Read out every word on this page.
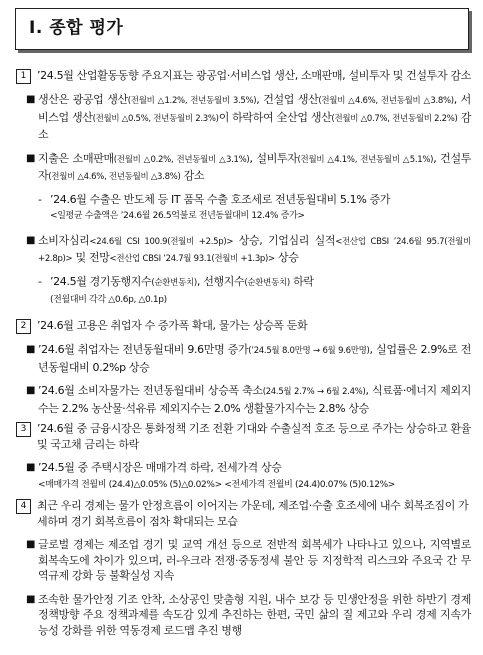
Ⅰ. 종합 평가
1 ’24.5월 산업활동동향 주요지표는 광공업·서비스업 생산, 소매판매, 설비투자 및 건설투자 감소
■ 생산은 광공업 생산(전월비 △1.2%, 전년동월비 3.5%), 건설업 생산(전월비 △4.6%, 전년동월비 △3.8%), 서비스업 생산(전월비 △0.5%, 전년동월비 2.3%)이 하락하여 全산업 생산(전월비 △0.7%, 전년동월비 2.2%) 감소
■ 지출은 소매판매(전월비 △0.2%, 전년동월비 △3.1%), 설비투자(전월비 △4.1%, 전년동월비 △5.1%), 건설투자(전월비 △4.6%, 전년동월비 △3.8%) 감소
- ’24.6월 수출은 반도체 등 IT 품목 수출 호조세로 전년동월대비 5.1% 증가
<일평균 수출액은 ’24.6월 26.5억불로 전년동월대비 12.4% 증가>
■ 소비자심리<24.6월 CSI 100.9(전월비 +2.5p)> 상승, 기업심리 실적<전산업 CBSI ’24.6월 95.7(전월비 +2.8p)> 및 전망<전산업 CBSI ’24.7월 93.1(전월비 +1.3p)> 상승
- ’24.5월 경기동행지수(순환변동치), 선행지수(순환변동치) 하락
(전월대비 각각 △0.6p, △0.1p)
2 ’24.6월 고용은 취업자 수 증가폭 확대, 물가는 상승폭 둔화
■ ’24.6월 취업자는 전년동월대비 9.6만명 증가(’24.5월 8.0만명 → 6월 9.6만명), 실업률은 2.9%로 전년동월대비 0.2%p 상승
■ ’24.6월 소비자물가는 전년동월대비 상승폭 축소(24.5월 2.7% → 6월 2.4%), 식료품·에너지 제외지수는 2.2% 농산물·석유류 제외지수는 2.0% 생활물가지수는 2.8% 상승
3 ’24.6월 중 금융시장은 통화정책 기조 전환 기대와 수출실적 호조 등으로 주가는 상승하고 환율 및 국고채 금리는 하락
■ ’24.5월 중 주택시장은 매매가격 하락, 전세가격 상승
<매매가격 전월비 (24.4)△0.05% (5)△0.02%> <전세가격 전월비 (24.4)0.07% (5)0.12%>
4 최근 우리 경제는 물가 안정흐름이 이어지는 가운데, 제조업·수출 호조세에 내수 회복조짐이 가세하며 경기 회복흐름이 점차 확대되는 모습
■ 글로벌 경제는 제조업 경기 및 교역 개선 등으로 전반적 회복세가 나타나고 있으나, 지역별로 회복속도에 차이가 있으며, 러-우크라 전쟁·중동정세 불안 등 지정학적 리스크와 주요국 간 무역규제 강화 등 불확실성 지속
■ 조속한 물가안정 기조 안착, 소상공인 맞춤형 지원, 내수 보강 등 민생안정을 위한 하반기 경제정책방향 주요 정책과제를 속도감 있게 추진하는 한편, 국민 삶의 질 제고와 우리 경제 지속가능성 강화를 위한 역동경제 로드맵 추진 병행
